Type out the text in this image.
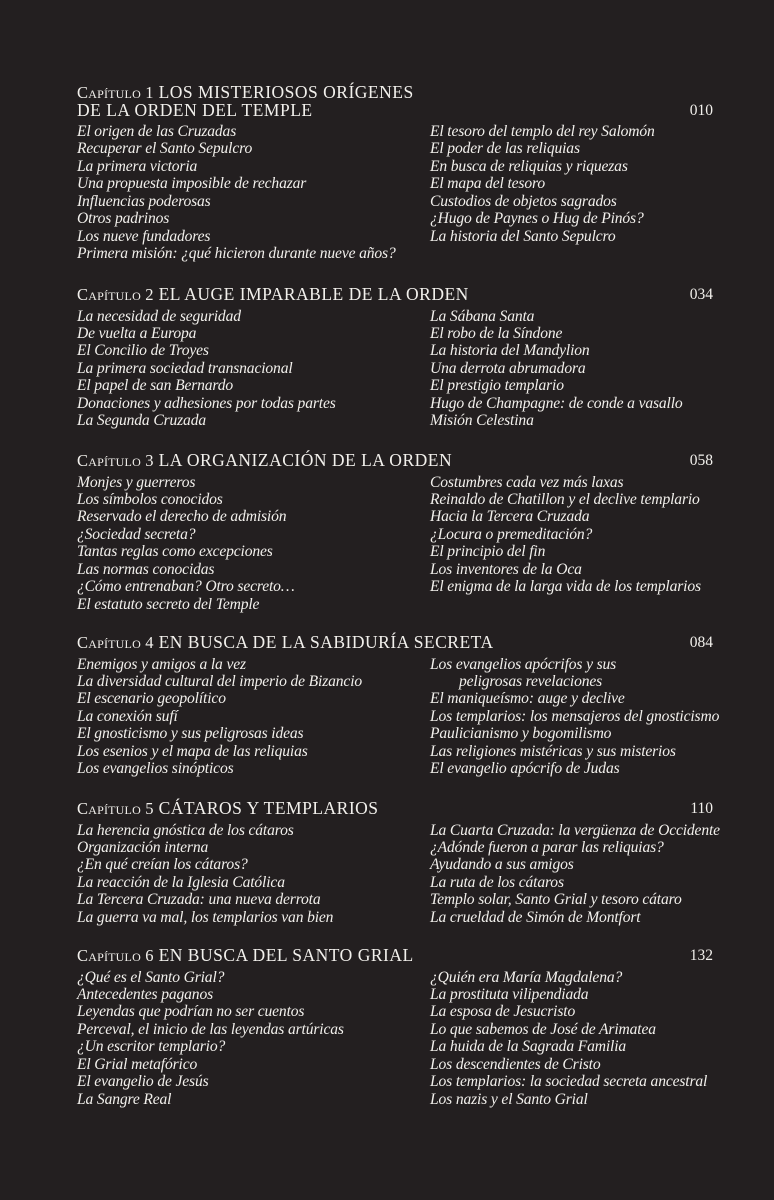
Capítulo 1 LOS MISTERIOSOS ORÍGENES
DE LA ORDEN DEL TEMPLE	010
El origen de las Cruzadas
Recuperar el Santo Sepulcro
La primera victoria
Una propuesta imposible de rechazar
Influencias poderosas
Otros padrinos
Los nueve fundadores
Primera misión: ¿qué hicieron durante nueve años?
El tesoro del templo del rey Salomón
El poder de las reliquias
En busca de reliquias y riquezas
El mapa del tesoro
Custodios de objetos sagrados
¿Hugo de Paynes o Hug de Pinós?
La historia del Santo Sepulcro
Capítulo 2 EL AUGE IMPARABLE DE LA ORDEN	034
La necesidad de seguridad
De vuelta a Europa
El Concilio de Troyes
La primera sociedad transnacional
El papel de san Bernardo
Donaciones y adhesiones por todas partes
La Segunda Cruzada
La Sábana Santa
El robo de la Síndone
La historia del Mandylion
Una derrota abrumadora
El prestigio templario
Hugo de Champagne: de conde a vasallo
Misión Celestina
Capítulo 3 LA ORGANIZACIÓN DE LA ORDEN	058
Monjes y guerreros
Los símbolos conocidos
Reservado el derecho de admisión
¿Sociedad secreta?
Tantas reglas como excepciones
Las normas conocidas
¿Cómo entrenaban? Otro secreto…
El estatuto secreto del Temple
Costumbres cada vez más laxas
Reinaldo de Chatillon y el declive templario
Hacia la Tercera Cruzada
¿Locura o premeditación?
El principio del fin
Los inventores de la Oca
El enigma de la larga vida de los templarios
Capítulo 4 EN BUSCA DE LA SABIDURÍA SECRETA	084
Enemigos y amigos a la vez
La diversidad cultural del imperio de Bizancio
El escenario geopolítico
La conexión sufí
El gnosticismo y sus peligrosas ideas
Los esenios y el mapa de las reliquias
Los evangelios sinópticos
Los evangelios apócrifos y sus
peligrosas revelaciones
El maniqueísmo: auge y declive
Los templarios: los mensajeros del gnosticismo
Paulicianismo y bogomilismo
Las religiones mistéricas y sus misterios
El evangelio apócrifo de Judas
Capítulo 5 CÁTAROS Y TEMPLARIOS	110
La herencia gnóstica de los cátaros
Organización interna
¿En qué creían los cátaros?
La reacción de la Iglesia Católica
La Tercera Cruzada: una nueva derrota
La guerra va mal, los templarios van bien
La Cuarta Cruzada: la vergüenza de Occidente
¿Adónde fueron a parar las reliquias?
Ayudando a sus amigos
La ruta de los cátaros
Templo solar, Santo Grial y tesoro cátaro
La crueldad de Simón de Montfort
Capítulo 6 EN BUSCA DEL SANTO GRIAL	132
¿Qué es el Santo Grial?
Antecedentes paganos
Leyendas que podrían no ser cuentos
Perceval, el inicio de las leyendas artúricas
¿Un escritor templario?
El Grial metafórico
El evangelio de Jesús
La Sangre Real
¿Quién era María Magdalena?
La prostituta vilipendiada
La esposa de Jesucristo
Lo que sabemos de José de Arimatea
La huida de la Sagrada Familia
Los descendientes de Cristo
Los templarios: la sociedad secreta ancestral
Los nazis y el Santo Grial
